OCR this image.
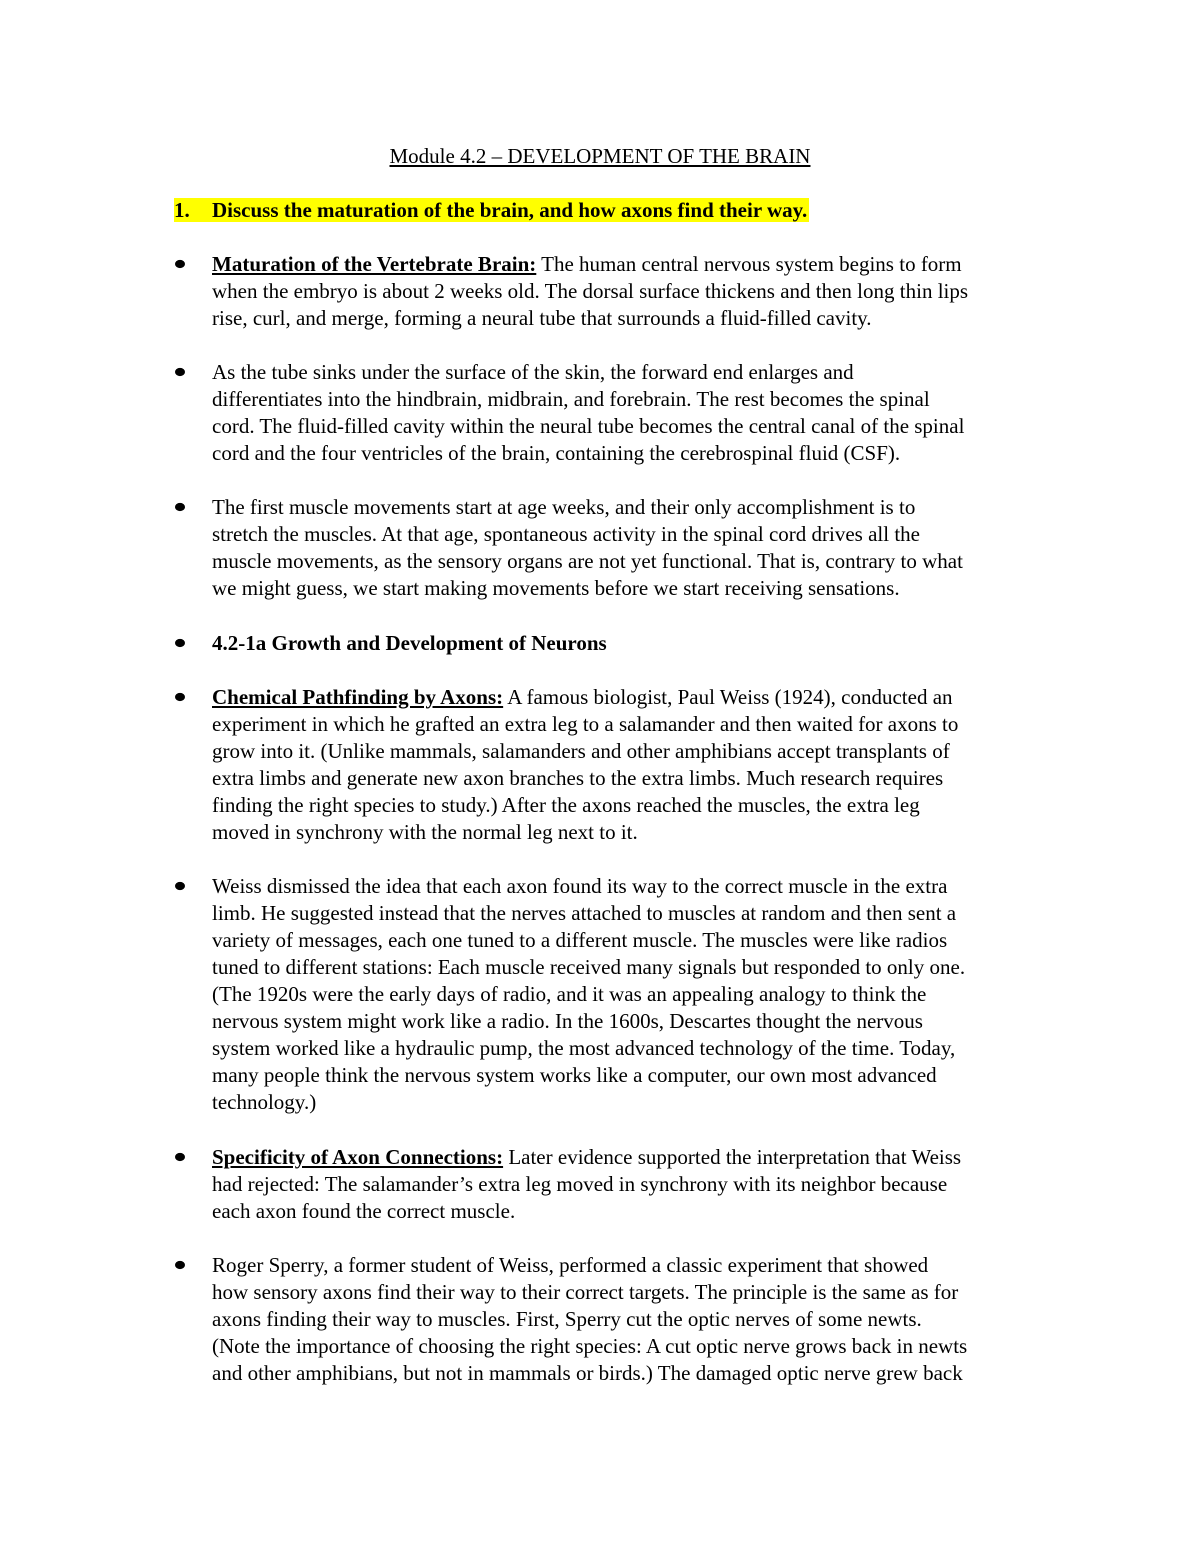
Module 4.2 – DEVELOPMENT OF THE BRAIN
1. Discuss the maturation of the brain, and how axons find their way.
Maturation of the Vertebrate Brain: The human central nervous system begins to form
when the embryo is about 2 weeks old. The dorsal surface thickens and then long thin lips
rise, curl, and merge, forming a neural tube that surrounds a fluid-filled cavity.
As the tube sinks under the surface of the skin, the forward end enlarges and
differentiates into the hindbrain, midbrain, and forebrain. The rest becomes the spinal
cord. The fluid-filled cavity within the neural tube becomes the central canal of the spinal
cord and the four ventricles of the brain, containing the cerebrospinal fluid (CSF).
The first muscle movements start at age weeks, and their only accomplishment is to
stretch the muscles. At that age, spontaneous activity in the spinal cord drives all the
muscle movements, as the sensory organs are not yet functional. That is, contrary to what
we might guess, we start making movements before we start receiving sensations.
4.2-1a Growth and Development of Neurons
Chemical Pathfinding by Axons: A famous biologist, Paul Weiss (1924), conducted an
experiment in which he grafted an extra leg to a salamander and then waited for axons to
grow into it. (Unlike mammals, salamanders and other amphibians accept transplants of
extra limbs and generate new axon branches to the extra limbs. Much research requires
finding the right species to study.) After the axons reached the muscles, the extra leg
moved in synchrony with the normal leg next to it.
Weiss dismissed the idea that each axon found its way to the correct muscle in the extra
limb. He suggested instead that the nerves attached to muscles at random and then sent a
variety of messages, each one tuned to a different muscle. The muscles were like radios
tuned to different stations: Each muscle received many signals but responded to only one.
(The 1920s were the early days of radio, and it was an appealing analogy to think the
nervous system might work like a radio. In the 1600s, Descartes thought the nervous
system worked like a hydraulic pump, the most advanced technology of the time. Today,
many people think the nervous system works like a computer, our own most advanced
technology.)
Specificity of Axon Connections: Later evidence supported the interpretation that Weiss
had rejected: The salamander’s extra leg moved in synchrony with its neighbor because
each axon found the correct muscle.
Roger Sperry, a former student of Weiss, performed a classic experiment that showed
how sensory axons find their way to their correct targets. The principle is the same as for
axons finding their way to muscles. First, Sperry cut the optic nerves of some newts.
(Note the importance of choosing the right species: A cut optic nerve grows back in newts
and other amphibians, but not in mammals or birds.) The damaged optic nerve grew back
